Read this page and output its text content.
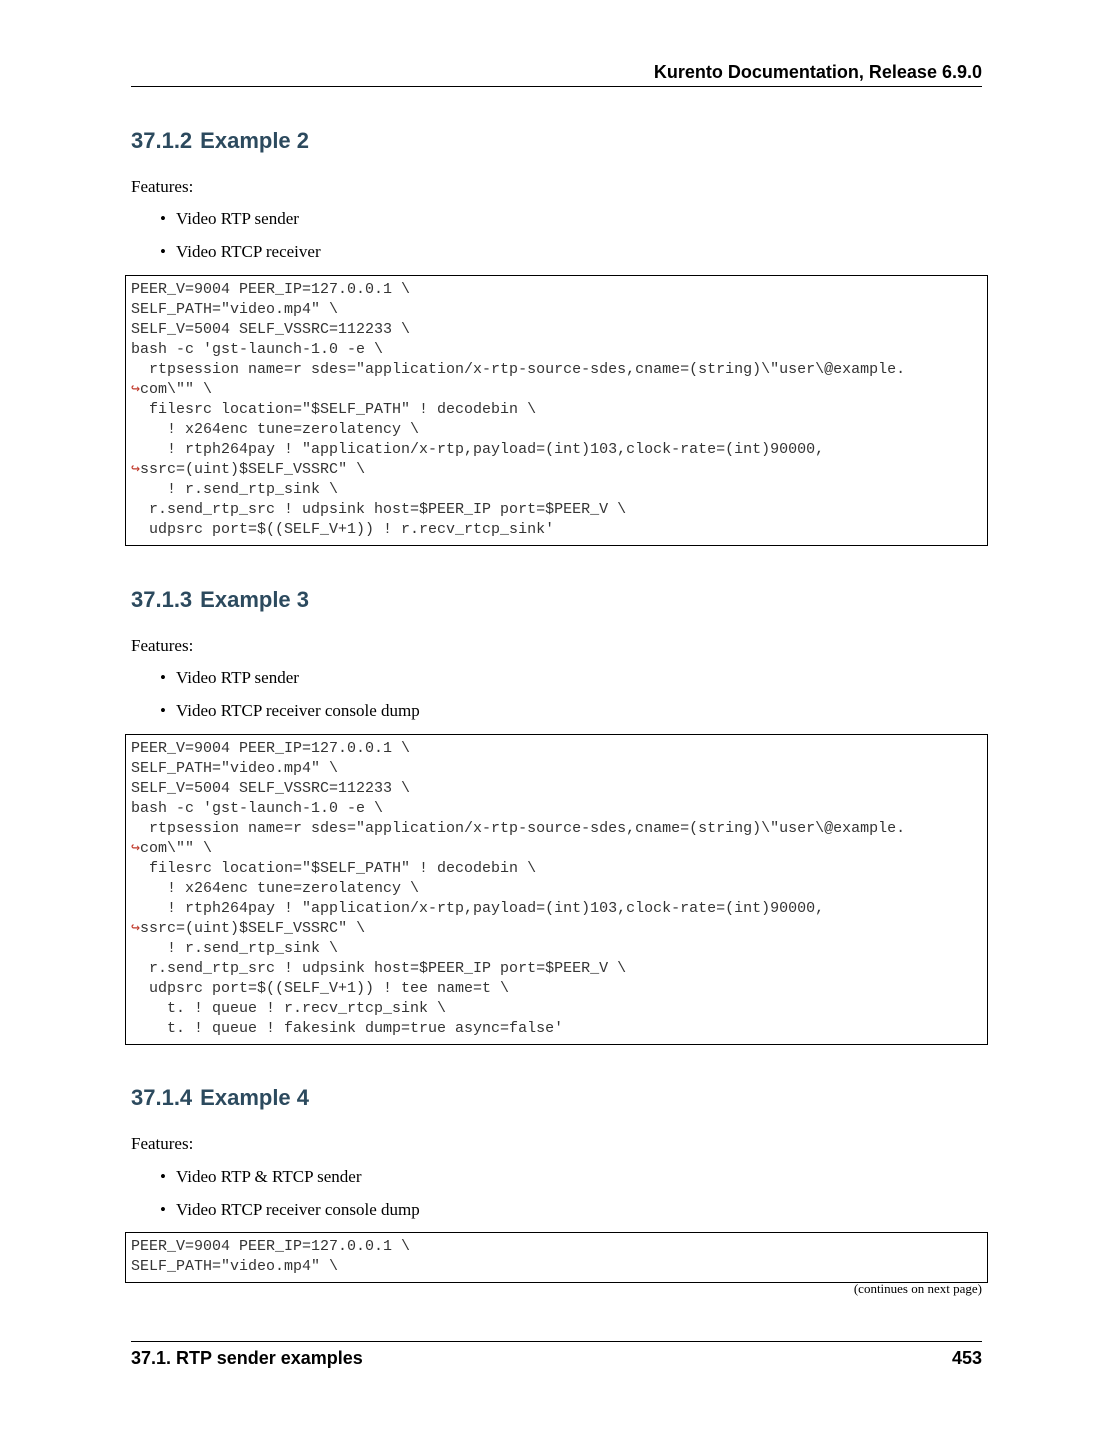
Kurento Documentation, Release 6.9.0
37.1.2 Example 2

Features:

• Video RTP sender
• Video RTCP receiver
PEER_V=9004 PEER_IP=127.0.0.1 \
SELF_PATH="video.mp4" \
SELF_V=5004 SELF_VSSRC=112233 \
bash -c 'gst-launch-1.0 -e \
rtpsession name=r sdes="application/x-rtp-source-sdes,cname=(string)\"user\@example.
↪com\"" \
filesrc location="$SELF_PATH" ! decodebin \
! x264enc tune=zerolatency \
! rtph264pay ! "application/x-rtp,payload=(int)103,clock-rate=(int)90000,
↪ssrc=(uint)$SELF_VSSRC" \
! r.send_rtp_sink \
r.send_rtp_src ! udpsink host=$PEER_IP port=$PEER_V \
udpsrc port=$((SELF_V+1)) ! r.recv_rtcp_sink'
37.1.3 Example 3

Features:

• Video RTP sender
• Video RTCP receiver console dump
PEER_V=9004 PEER_IP=127.0.0.1 \
SELF_PATH="video.mp4" \
SELF_V=5004 SELF_VSSRC=112233 \
bash -c 'gst-launch-1.0 -e \
rtpsession name=r sdes="application/x-rtp-source-sdes,cname=(string)\"user\@example.
↪com\"" \
filesrc location="$SELF_PATH" ! decodebin \
! x264enc tune=zerolatency \
! rtph264pay ! "application/x-rtp,payload=(int)103,clock-rate=(int)90000,
↪ssrc=(uint)$SELF_VSSRC" \
! r.send_rtp_sink \
r.send_rtp_src ! udpsink host=$PEER_IP port=$PEER_V \
udpsrc port=$((SELF_V+1)) ! tee name=t \
t. ! queue ! r.recv_rtcp_sink \
t. ! queue ! fakesink dump=true async=false'
37.1.4 Example 4

Features:

• Video RTP & RTCP sender
• Video RTCP receiver console dump
PEER_V=9004 PEER_IP=127.0.0.1 \
SELF_PATH="video.mp4" \
(continues on next page)
37.1. RTP sender examples	453
